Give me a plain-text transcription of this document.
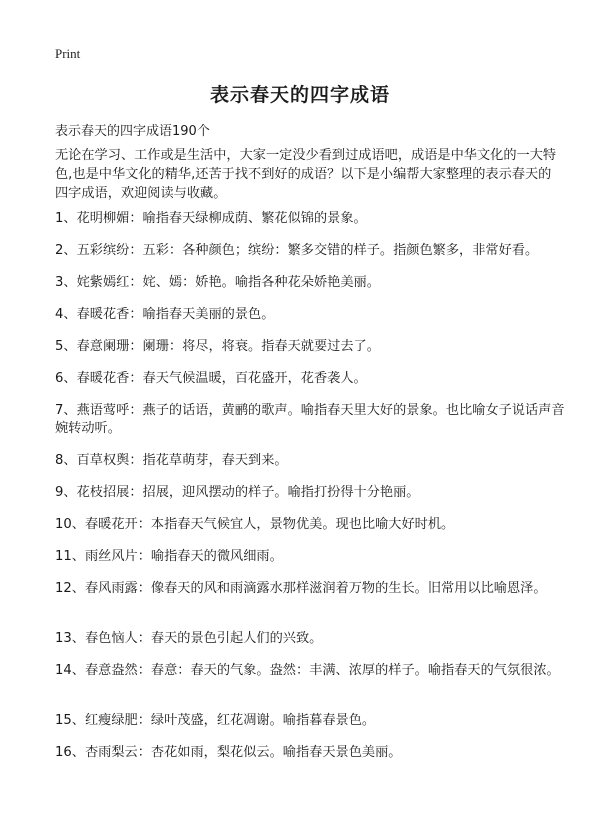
Print
表示春天的四字成语

表示春天的四字成语190个

无论在学习、工作或是生活中，大家一定没少看到过成语吧，成语是中华文化的一大特色,也是中华文化的精华,还苦于找不到好的成语？以下是小编帮大家整理的表示春天的四字成语，欢迎阅读与收藏。

1、花明柳媚：喻指春天绿柳成荫、繁花似锦的景象。
2、五彩缤纷：五彩：各种颜色；缤纷：繁多交错的样子。指颜色繁多，非常好看。
3、姹紫嫣红：姹、嫣：娇艳。喻指各种花朵娇艳美丽。
4、春暖花香：喻指春天美丽的景色。
5、春意阑珊：阑珊：将尽，将衰。指春天就要过去了。
6、春暖花香：春天气候温暖，百花盛开，花香袭人。
7、燕语莺呼：燕子的话语，黄鹂的歌声。喻指春天里大好的景象。也比喻女子说话声音婉转动听。
8、百草权舆：指花草萌芽，春天到来。
9、花枝招展：招展，迎风摆动的样子。喻指打扮得十分艳丽。
10、春暖花开：本指春天气候宜人，景物优美。现也比喻大好时机。
11、雨丝风片：喻指春天的微风细雨。
12、春风雨露：像春天的风和雨滴露水那样滋润着万物的生长。旧常用以比喻恩泽。
13、春色恼人：春天的景色引起人们的兴致。
14、春意盎然：春意：春天的气象。盎然：丰满、浓厚的样子。喻指春天的气氛很浓。
15、红瘦绿肥：绿叶茂盛，红花凋谢。喻指暮春景色。
16、杏雨梨云：杏花如雨，梨花似云。喻指春天景色美丽。
